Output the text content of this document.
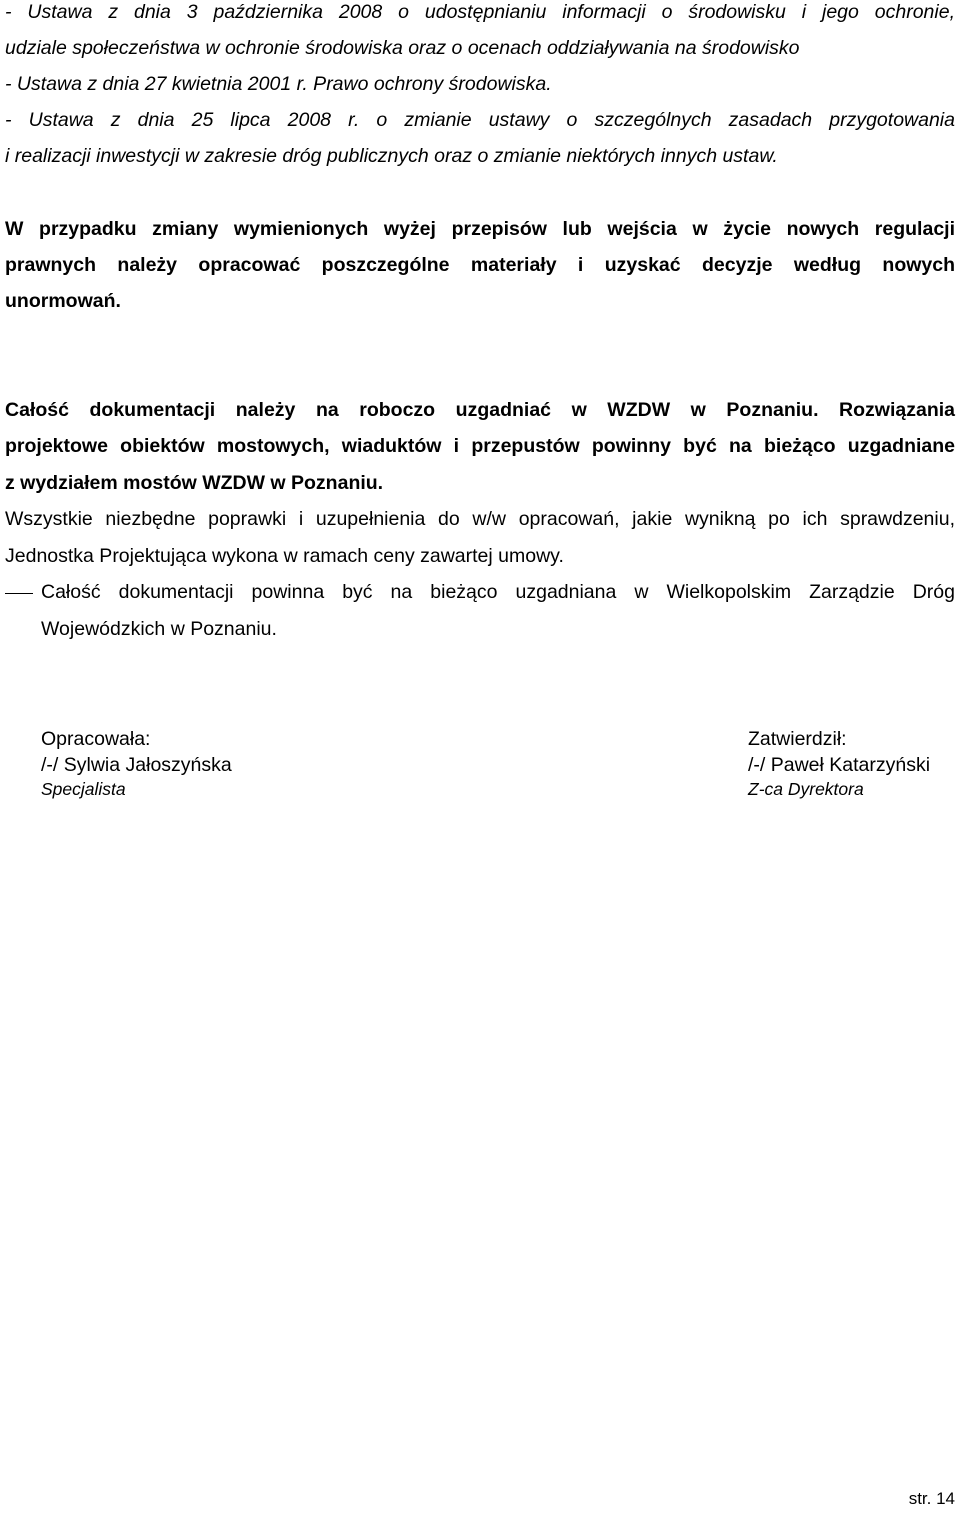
- Ustawa z dnia 3 października 2008 o udostępnianiu informacji o środowisku i jego ochronie,
udziale społeczeństwa w ochronie środowiska oraz o ocenach oddziaływania na środowisko
- Ustawa z dnia 27 kwietnia 2001 r. Prawo ochrony środowiska.
- Ustawa z dnia 25 lipca 2008 r. o zmianie ustawy o szczególnych zasadach przygotowania
i realizacji inwestycji w zakresie dróg publicznych oraz o zmianie niektórych innych ustaw.
W przypadku zmiany wymienionych wyżej przepisów lub wejścia w życie nowych regulacji
prawnych należy opracować poszczególne materiały i uzyskać decyzje według nowych
unormowań.
Całość dokumentacji należy na roboczo uzgadniać w WZDW w Poznaniu. Rozwiązania
projektowe obiektów mostowych, wiaduktów i przepustów powinny być na bieżąco uzgadniane
z wydziałem mostów WZDW w Poznaniu.
Wszystkie niezbędne poprawki i uzupełnienia do w/w opracowań, jakie wynikną po ich sprawdzeniu,
Jednostka Projektująca wykona w ramach ceny zawartej umowy.
Całość dokumentacji powinna być na bieżąco uzgadniana w Wielkopolskim Zarządzie Dróg
Wojewódzkich w Poznaniu.
Opracowała:
/-/ Sylwia Jałoszyńska
Specjalista
Zatwierdził:
/-/ Paweł Katarzyński
Z-ca Dyrektora
str. 14
